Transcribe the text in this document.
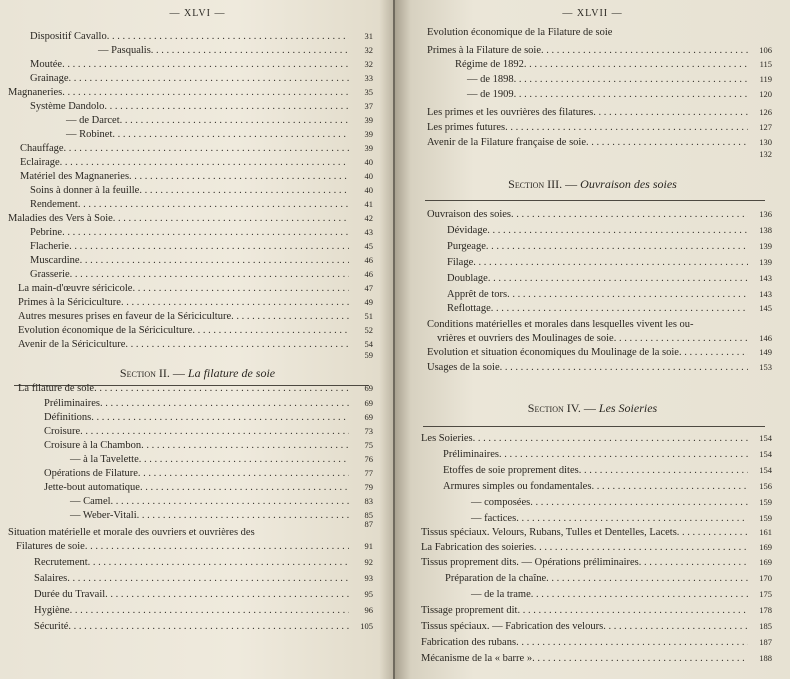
— XLVI —
Dispositif Cavallo . . .	31
— Pasqualis . . .	32
Moutée . . .	32
Grainage . . .	33
Magnaneries . . .	35
Système Dandolo . . .	37
— de Darcet . . .	39
— Robinet . . .	39
Chauffage . . .	39
Eclairage . . .	40
Matériel des Magnaneries . . .	40
Soins à donner à la feuille . . .	40
Rendement . . .	41
Maladies des Vers à Soie . . .	42
Pebrine . . .	43
Flacherie . . .	45
Muscardine . . .	46
Grasserie . . .	46
La main-d'œuvre séricicole . . .	47
Primes à la Sériciculture . . .	49
Autres mesures prises en faveur de la Sériciculture . . .	51
Evolution économique de la Sériciculture . . .	52
Avenir de la Sériciculture . . .	54
59
Section II. — La filature de soie
La filature de soie . . .	69
Préliminaires . . .	69
Définitions . . .	69
Croisure . . .	73
Croisure à la Chambon . . .	75
— à la Tavelette . . .	76
Opérations de Filature . . .	77
Jette-bout automatique . . .	79
— Camel . . .	83
— Weber-Vitali . . .	85
87
Situation matérielle et morale des ouvriers et ouvrières des
Filatures de soie . . .	91
Recrutement . . .	92
Salaires . . .	93
Durée du Travail . . .	95
Hygiène . . .	96
Sécurité . . .	105
— XLVII —
Evolution économique de la Filature de soie
Primes à la Filature de soie . . .	106
Régime de 1892 . . .	115
— de 1898 . . .	119
— de 1909 . . .	120
Les primes et les ouvrières des filatures . . .	126
Les primes futures . . .	127
Avenir de la Filature française de soie . . .	130
132
Section III. — Ouvraison des soies
Ouvraison des soies . . .	136
Dévidage . . .	138
Purgeage . . .	139
Filage . . .	139
Doublage . . .	143
Apprêt de tors . . .	143
Reflottage . . .	145
Conditions matérielles et morales dans lesquelles vivent les ou-
vrières et ouvriers des Moulinages de soie . . .	146
Evolution et situation économiques du Moulinage de la soie . . .	149
Usages de la soie . . .	153
Section IV. — Les Soieries
Les Soieries . . .	154
Préliminaires . . .	154
Etoffes de soie proprement dites . . .	154
Armures simples ou fondamentales . . .	156
— composées . . .	159
— factices . . .	159
Tissus spéciaux. Velours, Rubans, Tulles et Dentelles, Lacets . . .	161
La Fabrication des soieries . . .	169
Tissus proprement dits. — Opérations préliminaires . . .	169
Préparation de la chaîne . . .	170
— de la trame . . .	175
Tissage proprement dit . . .	178
Tissus spéciaux. — Fabrication des velours . . .	185
Fabrication des rubans . . .	187
Mécanisme de la « barre » . . .	188
